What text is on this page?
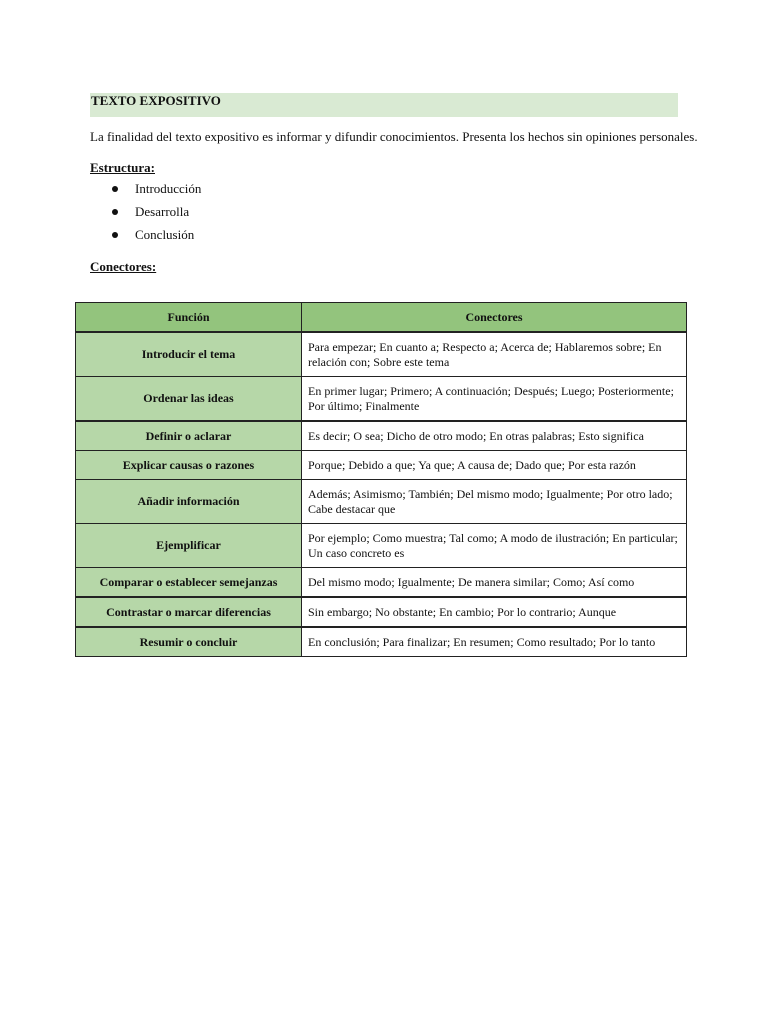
TEXTO EXPOSITIVO
La finalidad del texto expositivo es informar y difundir conocimientos. Presenta los hechos sin opiniones personales.
Estructura:
Introducción
Desarrolla
Conclusión
Conectores:
Función	Conectores
Introducir el tema	Para empezar; En cuanto a; Respecto a; Acerca de; Hablaremos sobre; En relación con; Sobre este tema
Ordenar las ideas	En primer lugar; Primero; A continuación; Después; Luego; Posteriormente; Por último; Finalmente
Definir o aclarar	Es decir; O sea; Dicho de otro modo; En otras palabras; Esto significa
Explicar causas o razones	Porque; Debido a que; Ya que; A causa de; Dado que; Por esta razón
Añadir información	Además; Asimismo; También; Del mismo modo; Igualmente; Por otro lado; Cabe destacar que
Ejemplificar	Por ejemplo; Como muestra; Tal como; A modo de ilustración; En particular; Un caso concreto es
Comparar o establecer semejanzas	Del mismo modo; Igualmente; De manera similar; Como; Así como
Contrastar o marcar diferencias	Sin embargo; No obstante; En cambio; Por lo contrario; Aunque
Resumir o concluir	En conclusión; Para finalizar; En resumen; Como resultado; Por lo tanto
